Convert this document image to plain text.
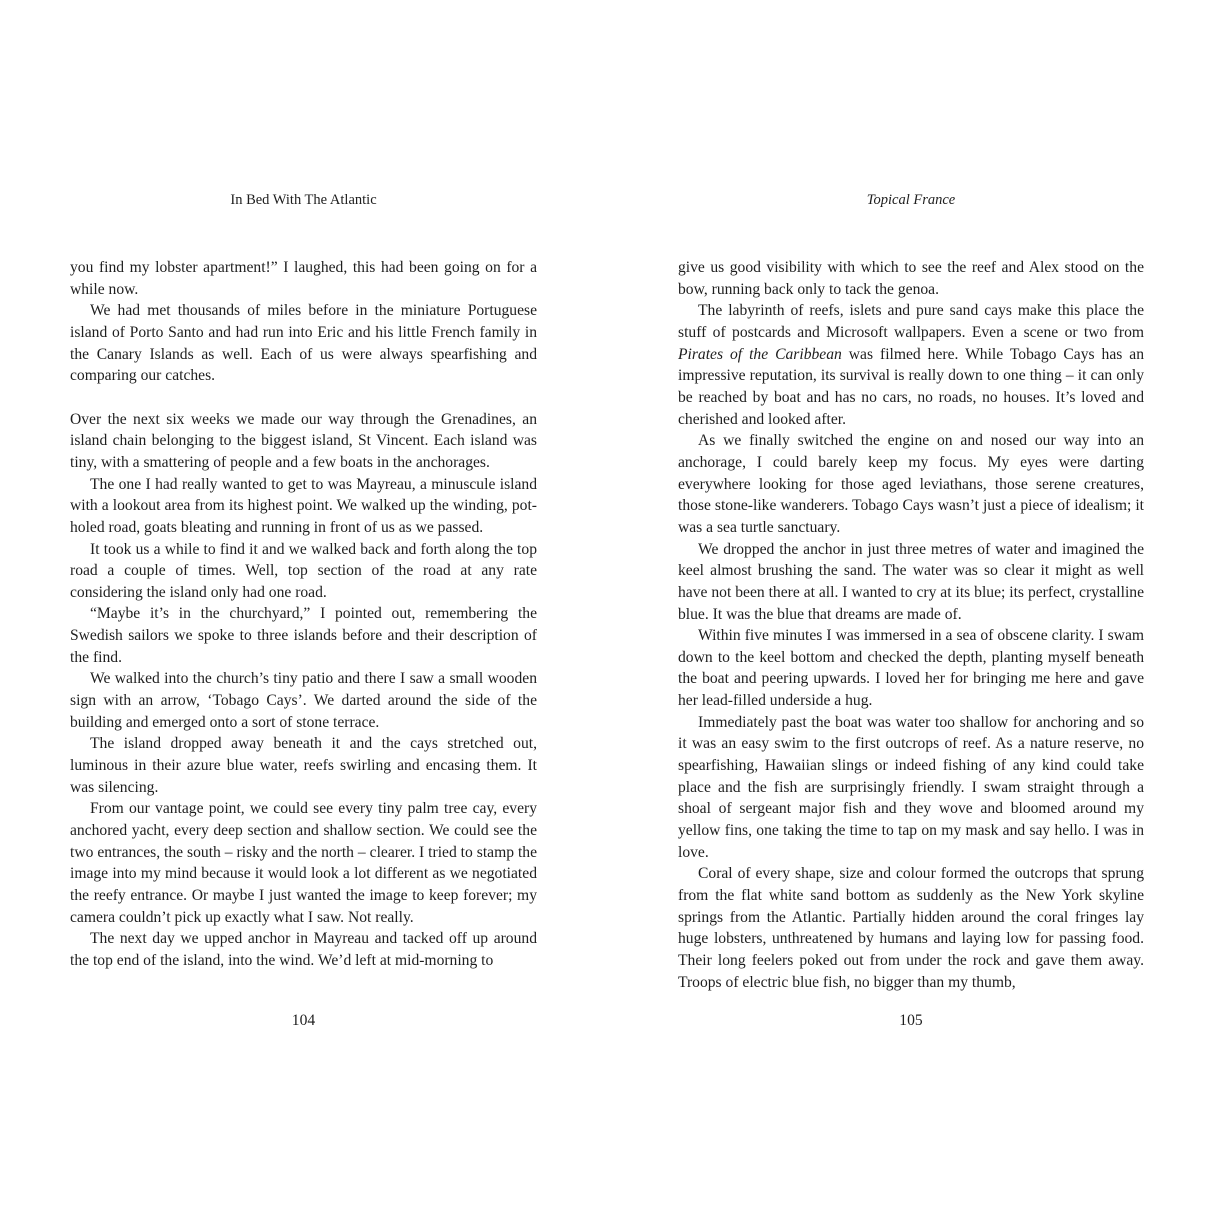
In Bed With The Atlantic

you find my lobster apartment!” I laughed, this had been going on for a while now.

We had met thousands of miles before in the miniature Portuguese island of Porto Santo and had run into Eric and his little French family in the Canary Islands as well. Each of us were always spearfishing and comparing our catches.

Over the next six weeks we made our way through the Grenadines, an island chain belonging to the biggest island, St Vincent. Each island was tiny, with a smattering of people and a few boats in the anchorages.

The one I had really wanted to get to was Mayreau, a minuscule island with a lookout area from its highest point. We walked up the winding, pot-holed road, goats bleating and running in front of us as we passed.

It took us a while to find it and we walked back and forth along the top road a couple of times. Well, top section of the road at any rate considering the island only had one road.

“Maybe it’s in the churchyard,” I pointed out, remembering the Swedish sailors we spoke to three islands before and their description of the find.

We walked into the church’s tiny patio and there I saw a small wooden sign with an arrow, ‘Tobago Cays’. We darted around the side of the building and emerged onto a sort of stone terrace.

The island dropped away beneath it and the cays stretched out, luminous in their azure blue water, reefs swirling and encasing them. It was silencing.

From our vantage point, we could see every tiny palm tree cay, every anchored yacht, every deep section and shallow section. We could see the two entrances, the south – risky and the north – clearer. I tried to stamp the image into my mind because it would look a lot different as we negotiated the reefy entrance. Or maybe I just wanted the image to keep forever; my camera couldn’t pick up exactly what I saw. Not really.

The next day we upped anchor in Mayreau and tacked off up around the top end of the island, into the wind. We’d left at mid-morning to

104
Topical France

give us good visibility with which to see the reef and Alex stood on the bow, running back only to tack the genoa.

The labyrinth of reefs, islets and pure sand cays make this place the stuff of postcards and Microsoft wallpapers. Even a scene or two from Pirates of the Caribbean was filmed here. While Tobago Cays has an impressive reputation, its survival is really down to one thing – it can only be reached by boat and has no cars, no roads, no houses. It’s loved and cherished and looked after.

As we finally switched the engine on and nosed our way into an anchorage, I could barely keep my focus. My eyes were darting everywhere looking for those aged leviathans, those serene creatures, those stone-like wanderers. Tobago Cays wasn’t just a piece of idealism; it was a sea turtle sanctuary.

We dropped the anchor in just three metres of water and imagined the keel almost brushing the sand. The water was so clear it might as well have not been there at all. I wanted to cry at its blue; its perfect, crystalline blue. It was the blue that dreams are made of.

Within five minutes I was immersed in a sea of obscene clarity. I swam down to the keel bottom and checked the depth, planting myself beneath the boat and peering upwards. I loved her for bringing me here and gave her lead-filled underside a hug.

Immediately past the boat was water too shallow for anchoring and so it was an easy swim to the first outcrops of reef. As a nature reserve, no spearfishing, Hawaiian slings or indeed fishing of any kind could take place and the fish are surprisingly friendly. I swam straight through a shoal of sergeant major fish and they wove and bloomed around my yellow fins, one taking the time to tap on my mask and say hello. I was in love.

Coral of every shape, size and colour formed the outcrops that sprung from the flat white sand bottom as suddenly as the New York skyline springs from the Atlantic. Partially hidden around the coral fringes lay huge lobsters, unthreatened by humans and laying low for passing food. Their long feelers poked out from under the rock and gave them away. Troops of electric blue fish, no bigger than my thumb,

105
